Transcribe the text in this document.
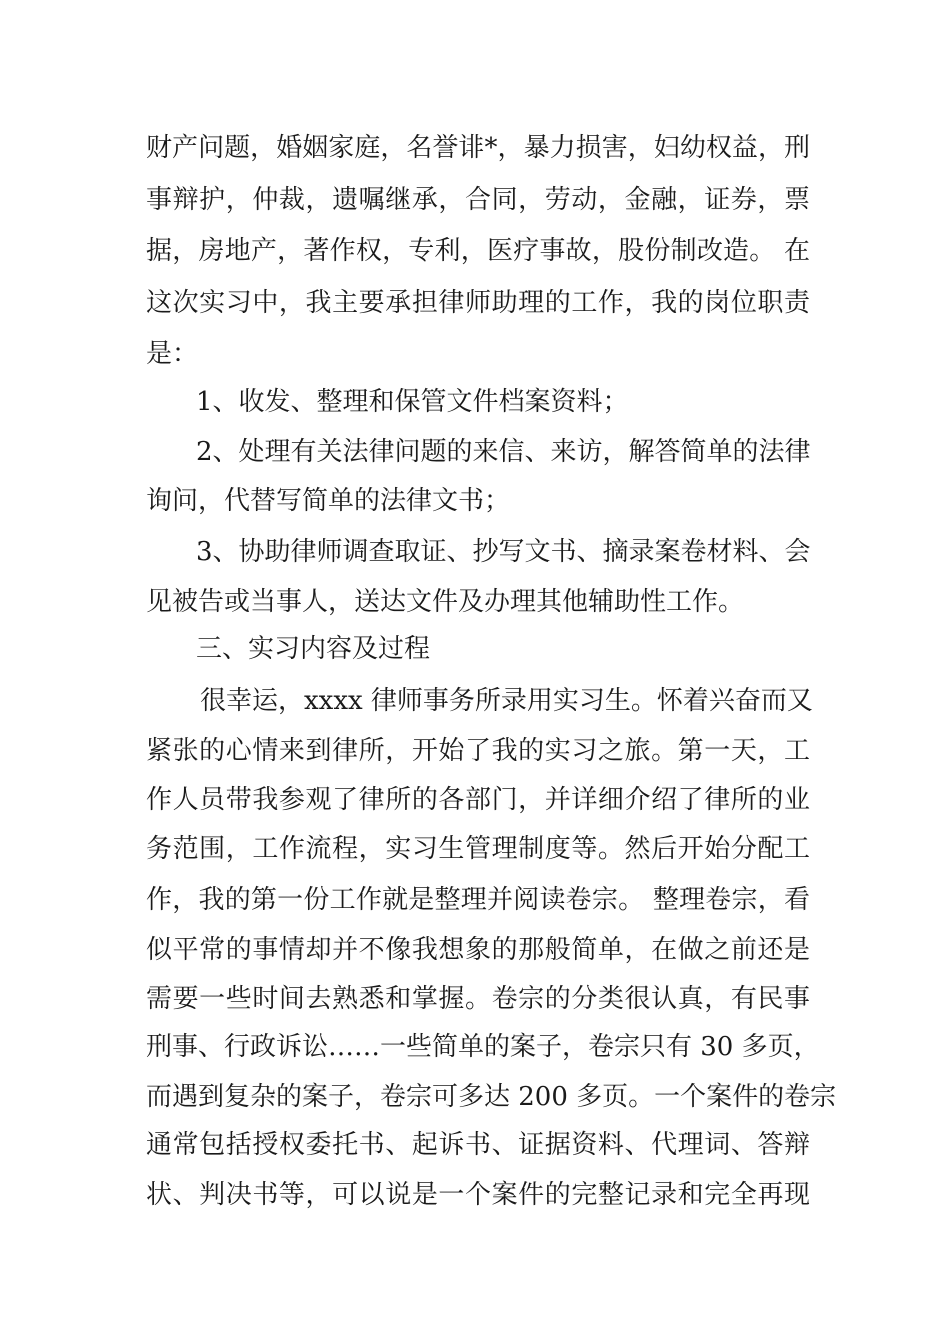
财产问题，婚姻家庭，名誉诽*，暴力损害，妇幼权益，刑
事辩护，仲裁，遗嘱继承，合同，劳动，金融，证券，票
据，房地产，著作权，专利，医疗事故，股份制改造。 在
这次实习中，我主要承担律师助理的工作，我的岗位职责
是：
1、收发、整理和保管文件档案资料；
2、处理有关法律问题的来信、来访，解答简单的法律
询问，代替写简单的法律文书；
3、协助律师调查取证、抄写文书、摘录案卷材料、会
见被告或当事人，送达文件及办理其他辅助性工作。
三、实习内容及过程
很幸运，xxxx 律师事务所录用实习生。怀着兴奋而又
紧张的心情来到律所，开始了我的实习之旅。第一天，工
作人员带我参观了律所的各部门，并详细介绍了律所的业
务范围，工作流程，实习生管理制度等。然后开始分配工
作，我的第一份工作就是整理并阅读卷宗。 整理卷宗，看
似平常的事情却并不像我想象的那般简单，在做之前还是
需要一些时间去熟悉和掌握。卷宗的分类很认真，有民事
刑事、行政诉讼……一些简单的案子，卷宗只有 30 多页，
而遇到复杂的案子，卷宗可多达 200 多页。一个案件的卷宗
通常包括授权委托书、起诉书、证据资料、代理词、答辩
状、判决书等，可以说是一个案件的完整记录和完全再现
